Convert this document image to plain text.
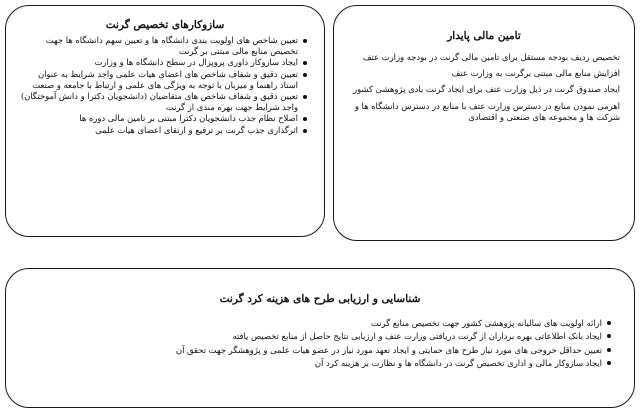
سازوکارهای تخصیص گرنت
تعیین شاخص های اولویت بندی دانشگاه ها و تعیین سهم دانشگاه ها جهت تخصیص منابع مالی مبتنی بر گرنت
ایجاد سازوکار داوری پروپزال در سطح دانشگاه ها و وزارت
تعیین دقیق و شفاف شاخص های اعضای هیات علمی واجد شرایط به عنوان استاد راهنما و میزبان با توجه به ویژگی های علمی و ارتباط با جامعه و صنعت
تعیین دقیق و شفاف شاخص های متقاضیان (دانشجویان دکترا و دانش آموختگان) واجد شرایط جهت بهره مندی از گرنت
اصلاح نظام جذب دانشجویان دکترا مبتنی بر تامین مالی دوره ها
اثرگذاری جذب گرنت بر ترفیع و ارتقای اعضای هیات علمی
تامین مالی پایدار
تخصیص ردیف بودجه مستقل برای تامین مالی گرنت در بودجه وزارت عتف
افزایش منابع مالی مبتنی برگرنت به وزارت عتف
ایجاد صندوق گرنت در ذیل وزارت عتف برای ایجاد گرنت بادی پژوهشی کشور
اهرمی نمودن منابع در دسترس وزارت عتف با منابع در دسترس دانشگاه ها و شرکت ها و مجموعه های صنعتی و اقتصادی
شناسایی و ارزیابی طرح های هزینه کرد گرنت
ارائه اولویت های سالیانه پژوهشی کشور جهت تخصیص منابع گرنت
ایجاد بانک اطلاعاتی بهره برداران از گرنت دریافتی وزارت عتف و ارزیابی نتایج حاصل از منابع تخصیص یافته
تعیین حداقل خروجی های مورد نیاز طرح های حمایتی و ایجاد تعهد مورد نیاز در عضو هیات علمی و پژوهشگر جهت تحقق آن
ایجاد سازوکار مالی و اداری تخصیص گرنت در دانشگاه ها و نظارت بر هزینه کرد آن
